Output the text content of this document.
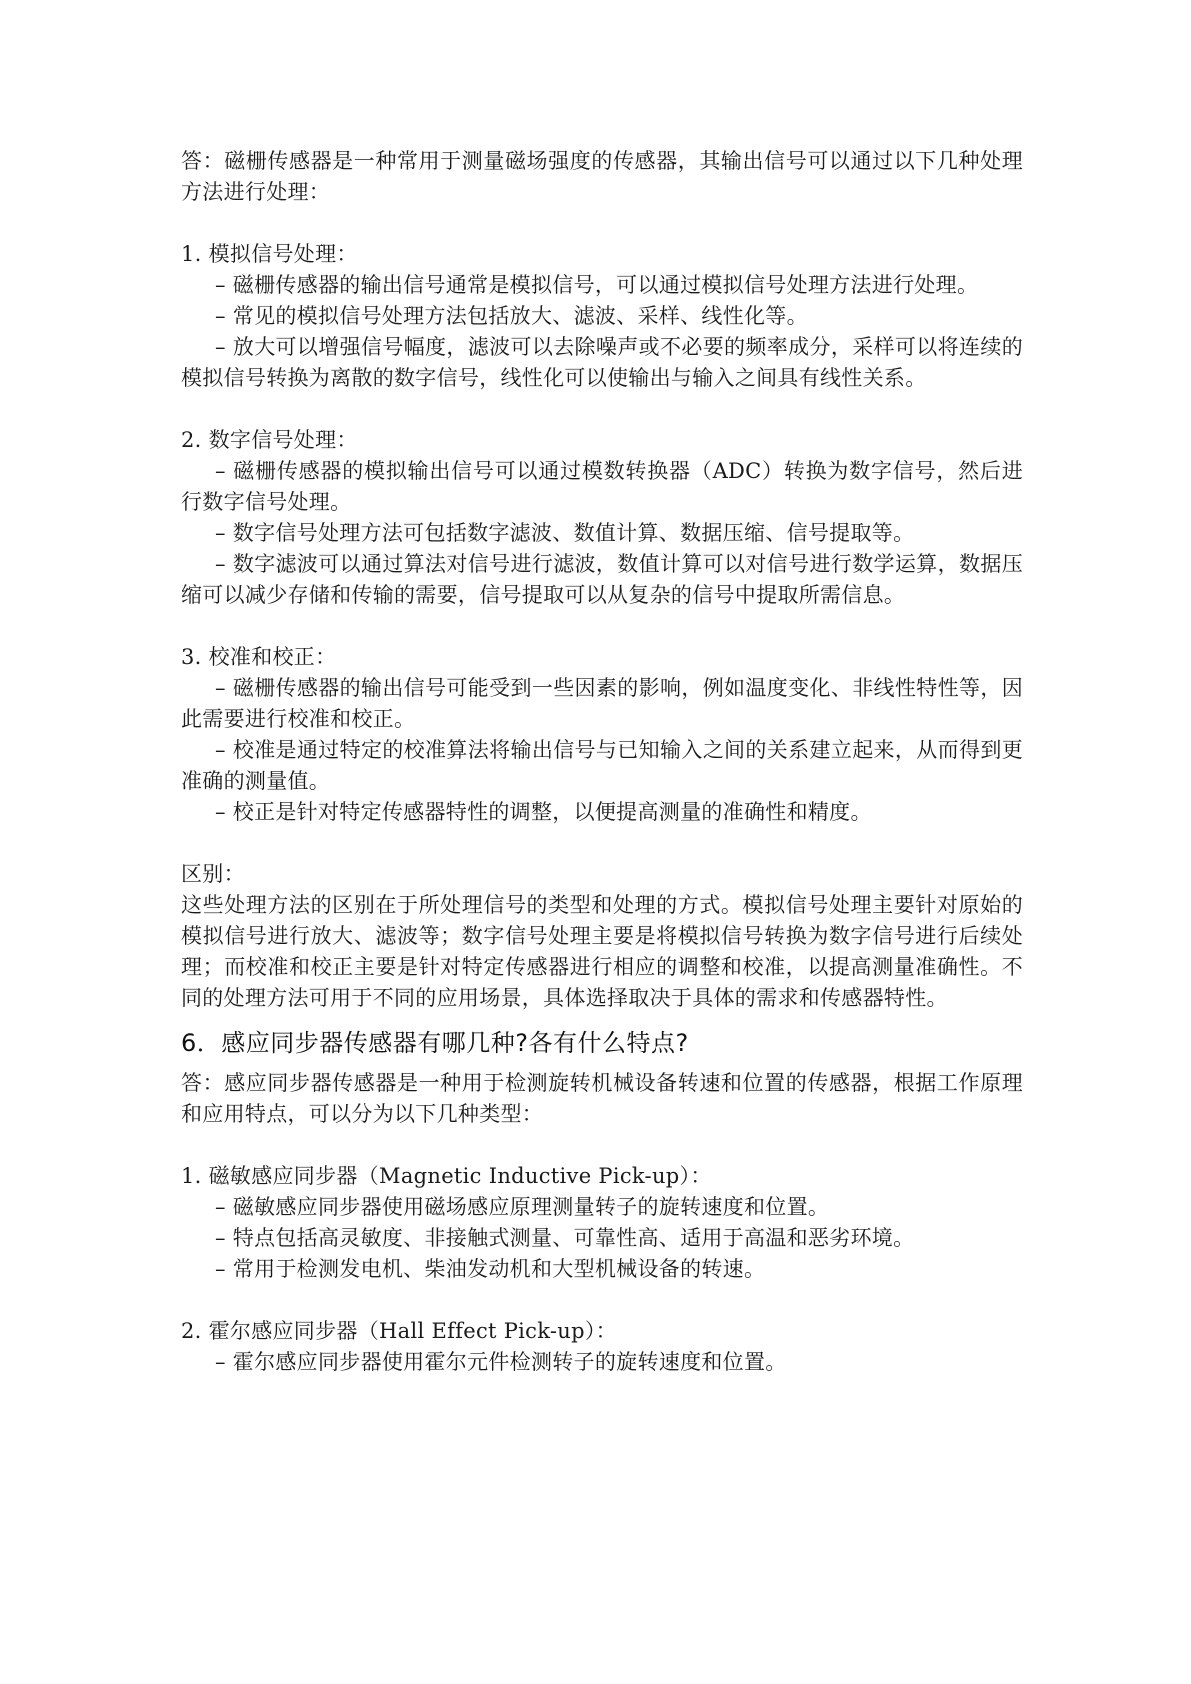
答：磁栅传感器是一种常用于测量磁场强度的传感器，其输出信号可以通过以下几种处理方法进行处理：

1. 模拟信号处理：

– 磁栅传感器的输出信号通常是模拟信号，可以通过模拟信号处理方法进行处理。

– 常见的模拟信号处理方法包括放大、滤波、采样、线性化等。

– 放大可以增强信号幅度，滤波可以去除噪声或不必要的频率成分，采样可以将连续的模拟信号转换为离散的数字信号，线性化可以使输出与输入之间具有线性关系。

2. 数字信号处理：

– 磁栅传感器的模拟输出信号可以通过模数转换器（ADC）转换为数字信号，然后进行数字信号处理。

– 数字信号处理方法可包括数字滤波、数值计算、数据压缩、信号提取等。

– 数字滤波可以通过算法对信号进行滤波，数值计算可以对信号进行数学运算，数据压缩可以减少存储和传输的需要，信号提取可以从复杂的信号中提取所需信息。

3. 校准和校正：

– 磁栅传感器的输出信号可能受到一些因素的影响，例如温度变化、非线性特性等，因此需要进行校准和校正。

– 校准是通过特定的校准算法将输出信号与已知输入之间的关系建立起来，从而得到更准确的测量值。

– 校正是针对特定传感器特性的调整，以便提高测量的准确性和精度。

区别：

这些处理方法的区别在于所处理信号的类型和处理的方式。模拟信号处理主要针对原始的模拟信号进行放大、滤波等；数字信号处理主要是将模拟信号转换为数字信号进行后续处理；而校准和校正主要是针对特定传感器进行相应的调整和校准，以提高测量准确性。不同的处理方法可用于不同的应用场景，具体选择取决于具体的需求和传感器特性。

6．感应同步器传感器有哪几种?各有什么特点?

答：感应同步器传感器是一种用于检测旋转机械设备转速和位置的传感器，根据工作原理和应用特点，可以分为以下几种类型：

1. 磁敏感应同步器（Magnetic Inductive Pick-up）：

– 磁敏感应同步器使用磁场感应原理测量转子的旋转速度和位置。

– 特点包括高灵敏度、非接触式测量、可靠性高、适用于高温和恶劣环境。

– 常用于检测发电机、柴油发动机和大型机械设备的转速。

2. 霍尔感应同步器（Hall Effect Pick-up）：

– 霍尔感应同步器使用霍尔元件检测转子的旋转速度和位置。
